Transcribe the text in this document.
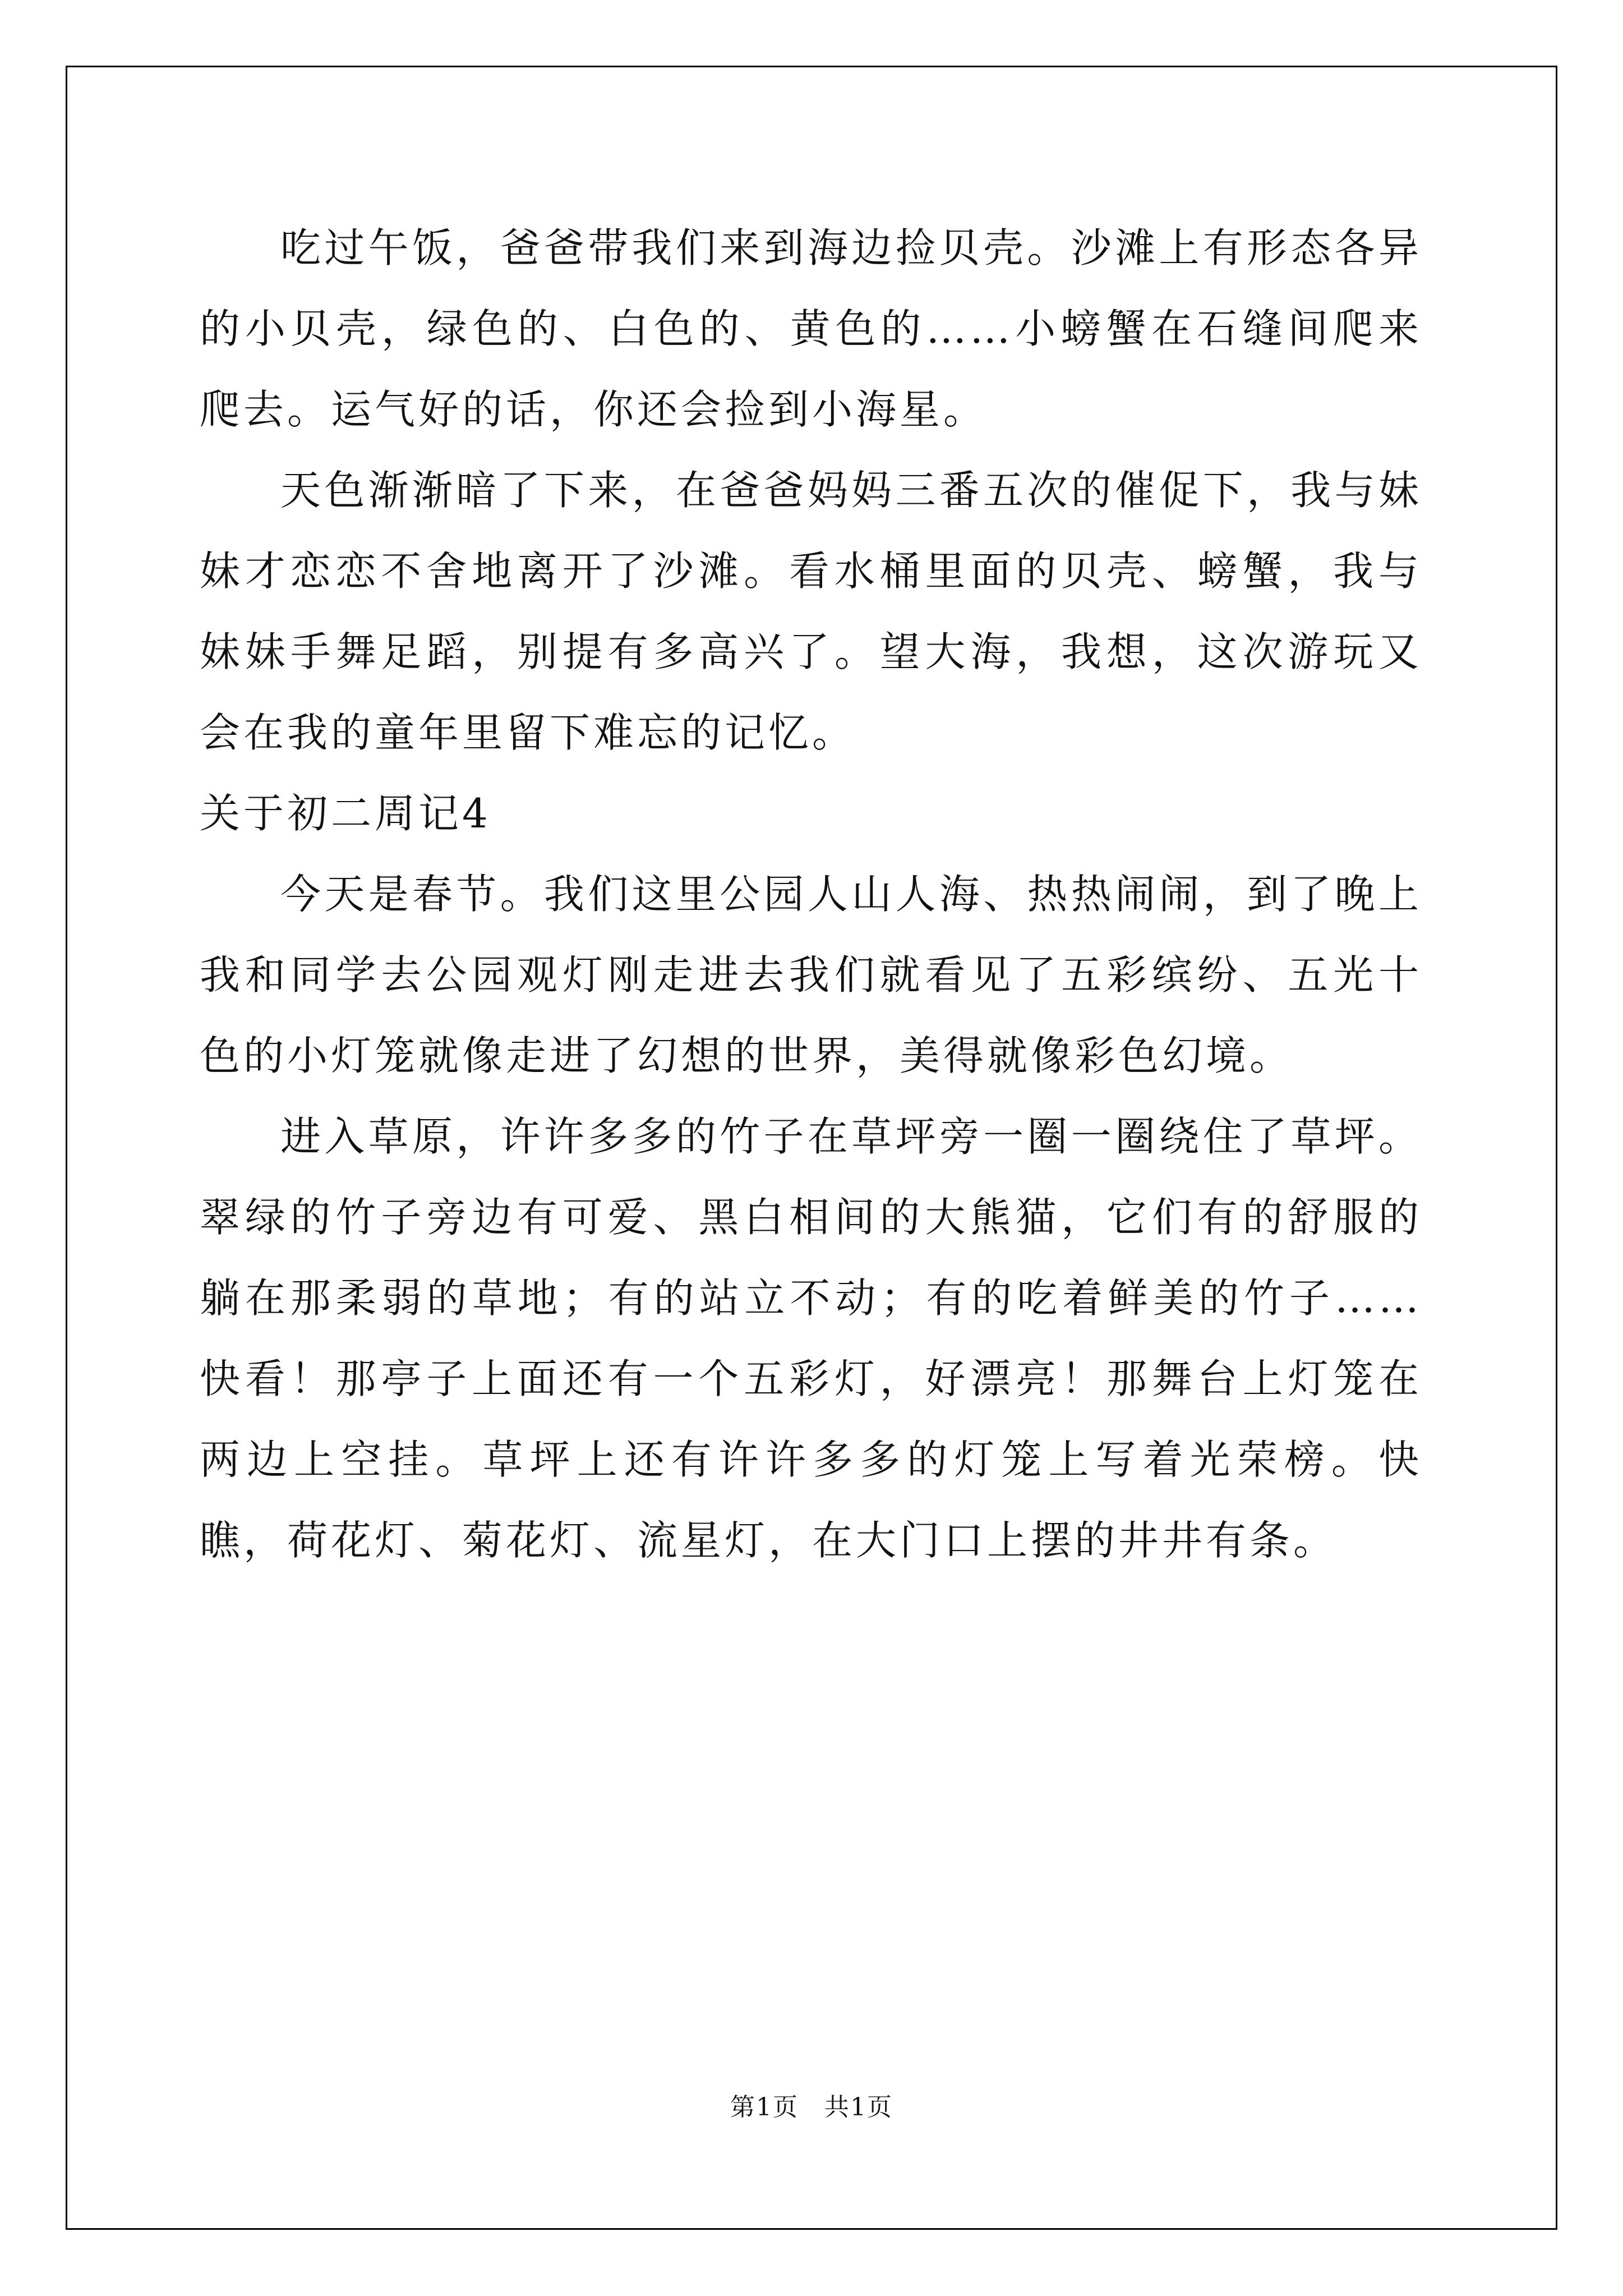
吃过午饭，爸爸带我们来到海边捡贝壳。沙滩上有形态各异的小贝壳，绿色的、白色的、黄色的……小螃蟹在石缝间爬来爬去。运气好的话，你还会捡到小海星。

天色渐渐暗了下来，在爸爸妈妈三番五次的催促下，我与妹妹才恋恋不舍地离开了沙滩。看水桶里面的贝壳、螃蟹，我与妹妹手舞足蹈，别提有多高兴了。望大海，我想，这次游玩又会在我的童年里留下难忘的记忆。

关于初二周记4

今天是春节。我们这里公园人山人海、热热闹闹，到了晚上我和同学去公园观灯刚走进去我们就看见了五彩缤纷、五光十色的小灯笼就像走进了幻想的世界，美得就像彩色幻境。

进入草原，许许多多的竹子在草坪旁一圈一圈绕住了草坪。翠绿的竹子旁边有可爱、黑白相间的大熊猫，它们有的舒服的躺在那柔弱的草地；有的站立不动；有的吃着鲜美的竹子……快看！那亭子上面还有一个五彩灯，好漂亮！那舞台上灯笼在两边上空挂。草坪上还有许许多多的灯笼上写着光荣榜。快瞧，荷花灯、菊花灯、流星灯，在大门口上摆的井井有条。

第1页　共1页
